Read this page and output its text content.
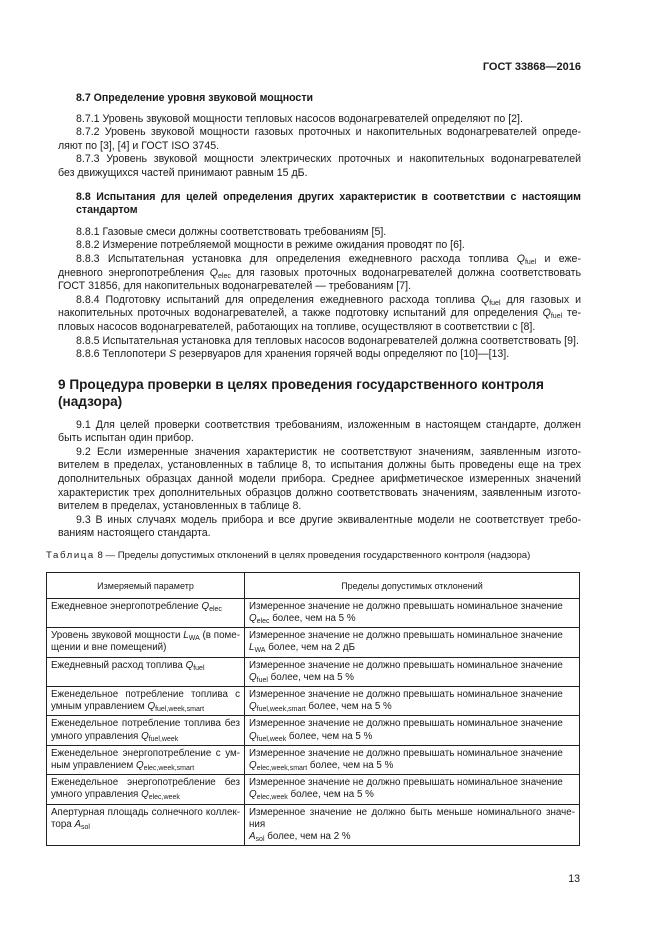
ГОСТ 33868—2016
8.7 Определение уровня звуковой мощности
8.7.1 Уровень звуковой мощности тепловых насосов водонагревателей определяют по [2].
8.7.2 Уровень звуковой мощности газовых проточных и накопительных водонагревателей опреде-
ляют по [3], [4] и ГОСТ ISO 3745.
8.7.3 Уровень звуковой мощности электрических проточных и накопительных водонагревателей
без движущихся частей принимают равным 15 дБ.
8.8 Испытания для целей определения других характеристик в соответствии с настоящим
стандартом
8.8.1 Газовые смеси должны соответствовать требованиям [5].
8.8.2 Измерение потребляемой мощности в режиме ожидания проводят по [6].
8.8.3 Испытательная установка для определения ежедневного расхода топлива $Q_{fuel}$ и еже-
дневного энергопотребления $Q_{elec}$ для газовых проточных водонагревателей должна соответствовать
ГОСТ 31856, для накопительных водонагревателей — требованиям [7].
8.8.4 Подготовку испытаний для определения ежедневного расхода топлива $Q_{fuel}$ для газовых и
накопительных проточных водонагревателей, а также подготовку испытаний для определения $Q_{fuel}$ те-
пловых насосов водонагревателей, работающих на топливе, осуществляют в соответствии с [8].
8.8.5 Испытательная установка для тепловых насосов водонагревателей должна соответствовать [9].
8.8.6 Теплопотери S резервуаров для хранения горячей воды определяют по [10]—[13].
9 Процедура проверки в целях проведения государственного контроля
(надзора)
9.1 Для целей проверки соответствия требованиям, изложенным в настоящем стандарте, должен
быть испытан один прибор.
9.2 Если измеренные значения характеристик не соответствуют значениям, заявленным изгото-
вителем в пределах, установленных в таблице 8, то испытания должны быть проведены еще на трех
дополнительных образцах данной модели прибора. Среднее арифметическое измеренных значений
характеристик трех дополнительных образцов должно соответствовать значениям, заявленным изгото-
вителем в пределах, установленных в таблице 8.
9.3 В иных случаях модель прибора и все другие эквивалентные модели не соответствует требо-
ваниям настоящего стандарта.
Таблица 8 — Пределы допустимых отклонений в целях проведения государственного контроля (надзора)
Измеряемый параметр	Пределы допустимых отклонений
Ежедневное энергопотребление $Q_{elec}$	Измеренное значение не должно превышать номинальное значение
$Q_{elec}$ более, чем на 5 %
Уровень звуковой мощности $L_{WA}$ (в поме-щении и вне помещений)	Измеренное значение не должно превышать номинальное значение
$L_{WA}$ более, чем на 2 дБ
Ежедневный расход топлива $Q_{fuel}$	Измеренное значение не должно превышать номинальное значение
$Q_{fuel}$ более, чем на 5 %
Еженедельное потребление топлива с умным управлением $Q_{fuel,week,smart}$	Измеренное значение не должно превышать номинальное значение
$Q_{fuel,week,smart}$ более, чем на 5 %
Еженедельное потребление топлива без умного управления $Q_{fuel,week}$	Измеренное значение не должно превышать номинальное значение
$Q_{fuel,week}$ более, чем на 5 %
Еженедельное энергопотребление с ум-ным управлением $Q_{elec,week,smart}$	Измеренное значение не должно превышать номинальное значение
$Q_{elec,week,smart}$ более, чем на 5 %
Еженедельное энергопотребление без умного управления $Q_{elec,week}$	Измеренное значение не должно превышать номинальное значение
$Q_{elec,week}$ более, чем на 5 %
Апертурная площадь солнечного коллек-тора $A_{sol}$	Измеренное значение не должно быть меньше номинального значе-ния
$A_{sol}$ более, чем на 2 %
13
